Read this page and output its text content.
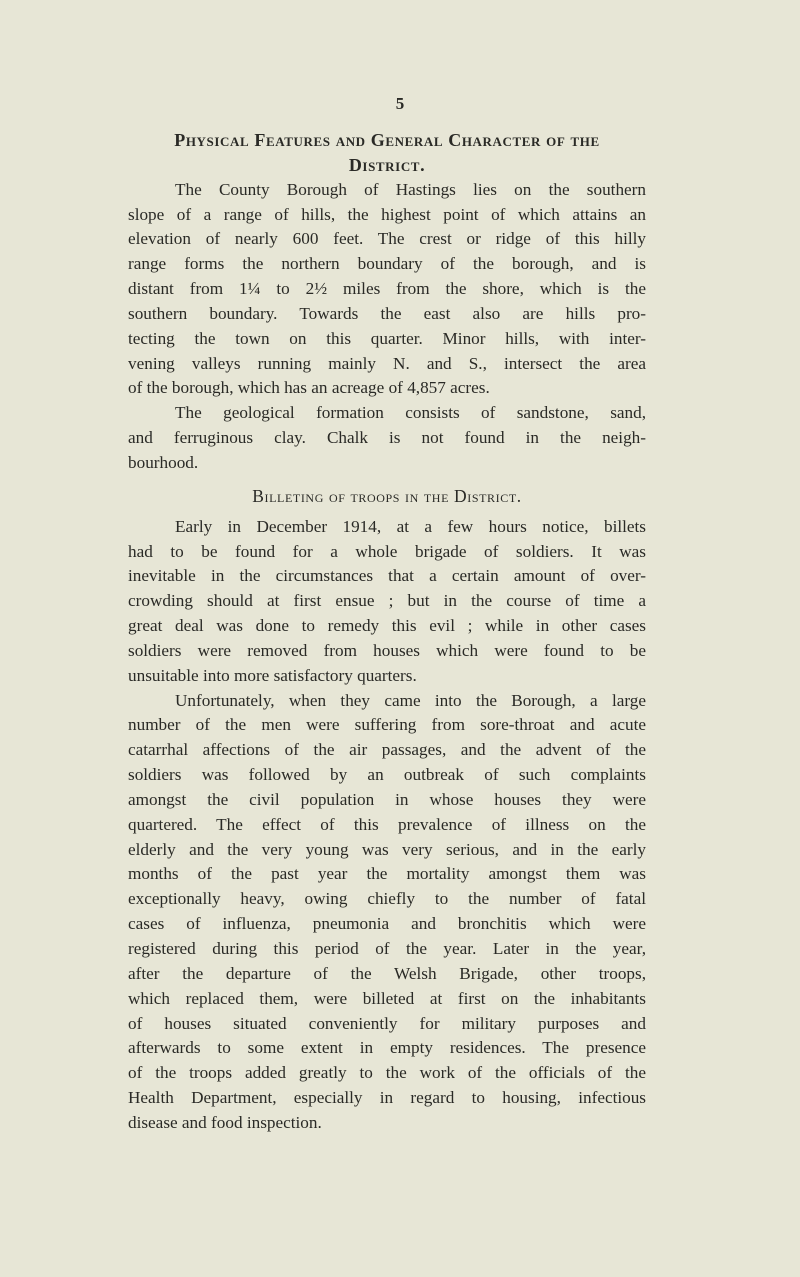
5
Physical Features and General Character of the
District.
The County Borough of Hastings lies on the southern
slope of a range of hills, the highest point of which attains an
elevation of nearly 600 feet. The crest or ridge of this hilly
range forms the northern boundary of the borough, and is
distant from 1¼ to 2½ miles from the shore, which is the
southern boundary. Towards the east also are hills pro-
tecting the town on this quarter. Minor hills, with inter-
vening valleys running mainly N. and S., intersect the area
of the borough, which has an acreage of 4,857 acres.
The geological formation consists of sandstone, sand,
and ferruginous clay. Chalk is not found in the neigh-
bourhood.
Billeting of troops in the District.
Early in December 1914, at a few hours notice, billets
had to be found for a whole brigade of soldiers. It was
inevitable in the circumstances that a certain amount of over-
crowding should at first ensue ; but in the course of time a
great deal was done to remedy this evil ; while in other cases
soldiers were removed from houses which were found to be
unsuitable into more satisfactory quarters.
Unfortunately, when they came into the Borough, a large
number of the men were suffering from sore-throat and acute
catarrhal affections of the air passages, and the advent of the
soldiers was followed by an outbreak of such complaints
amongst the civil population in whose houses they were
quartered. The effect of this prevalence of illness on the
elderly and the very young was very serious, and in the early
months of the past year the mortality amongst them was
exceptionally heavy, owing chiefly to the number of fatal
cases of influenza, pneumonia and bronchitis which were
registered during this period of the year. Later in the year,
after the departure of the Welsh Brigade, other troops,
which replaced them, were billeted at first on the inhabitants
of houses situated conveniently for military purposes and
afterwards to some extent in empty residences. The presence
of the troops added greatly to the work of the officials of the
Health Department, especially in regard to housing, infectious
disease and food inspection.
